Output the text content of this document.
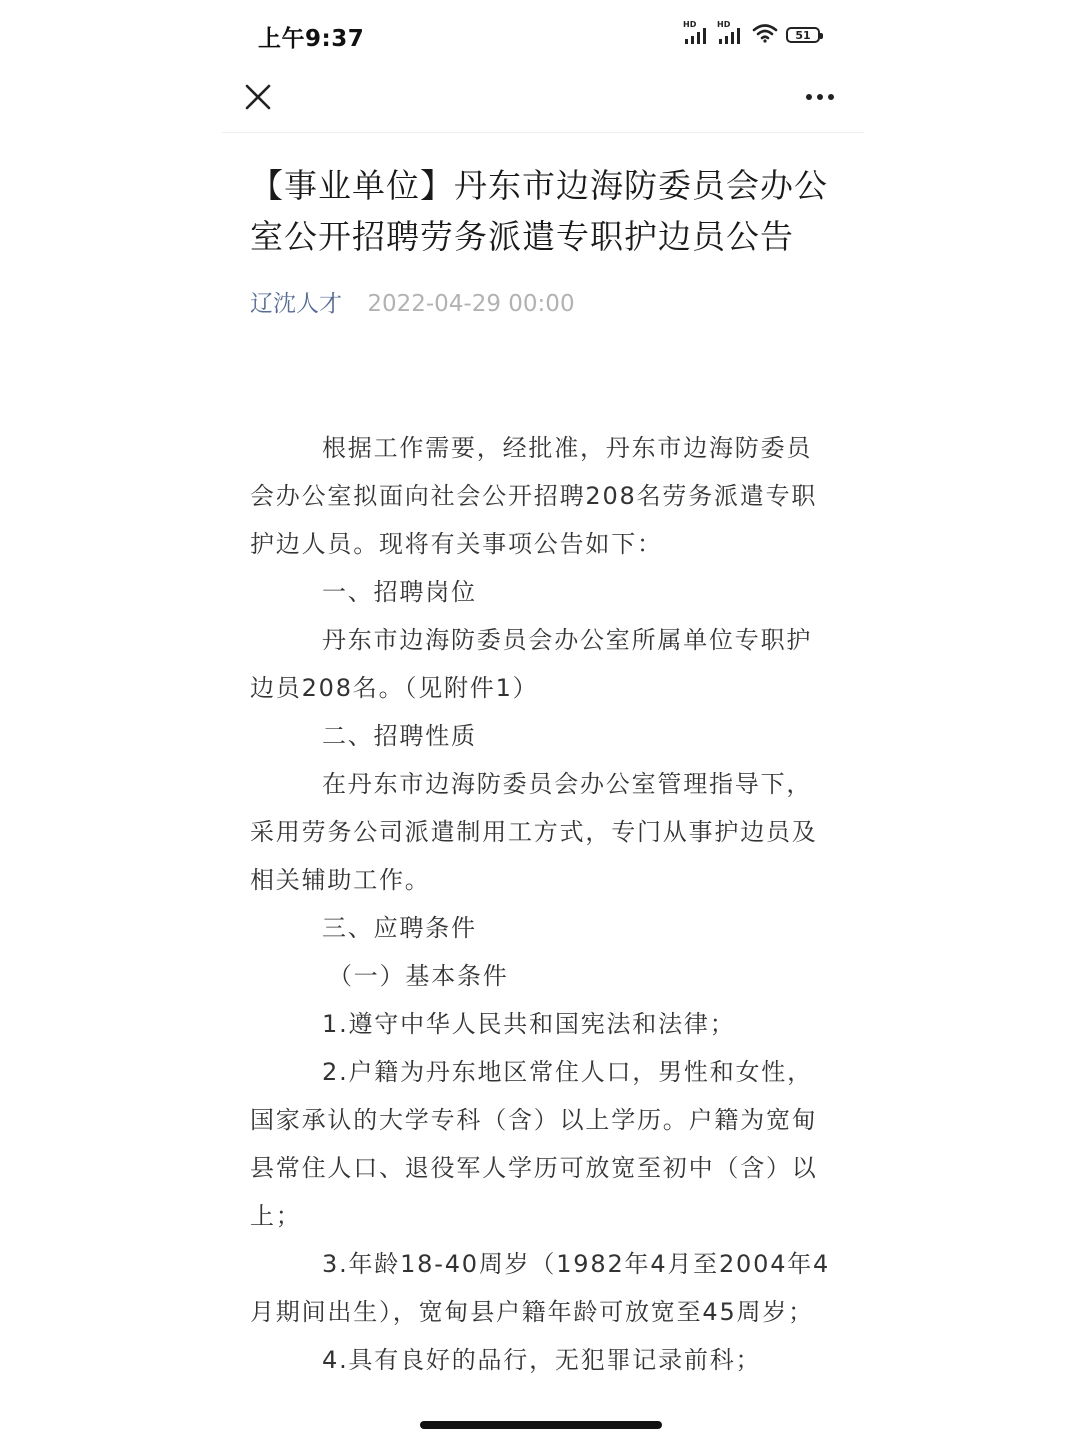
上午9:37
HD	HD
51
【事业单位】丹东市边海防委员会办公室公开招聘劳务派遣专职护边员公告
辽沈人才 2022-04-29 00:00

根据工作需要，经批准，丹东市边海防委员会办公室拟面向社会公开招聘208名劳务派遣专职护边人员。现将有关事项公告如下：

一、招聘岗位

丹东市边海防委员会办公室所属单位专职护边员208名。（见附件1）

二、招聘性质

在丹东市边海防委员会办公室管理指导下，采用劳务公司派遣制用工方式，专门从事护边员及相关辅助工作。

三、应聘条件

（一）基本条件

1.遵守中华人民共和国宪法和法律；

2.户籍为丹东地区常住人口，男性和女性，国家承认的大学专科（含）以上学历。户籍为宽甸县常住人口、退役军人学历可放宽至初中（含）以上；

3.年龄18-40周岁（1982年4月至2004年4月期间出生），宽甸县户籍年龄可放宽至45周岁；

4.具有良好的品行，无犯罪记录前科；
